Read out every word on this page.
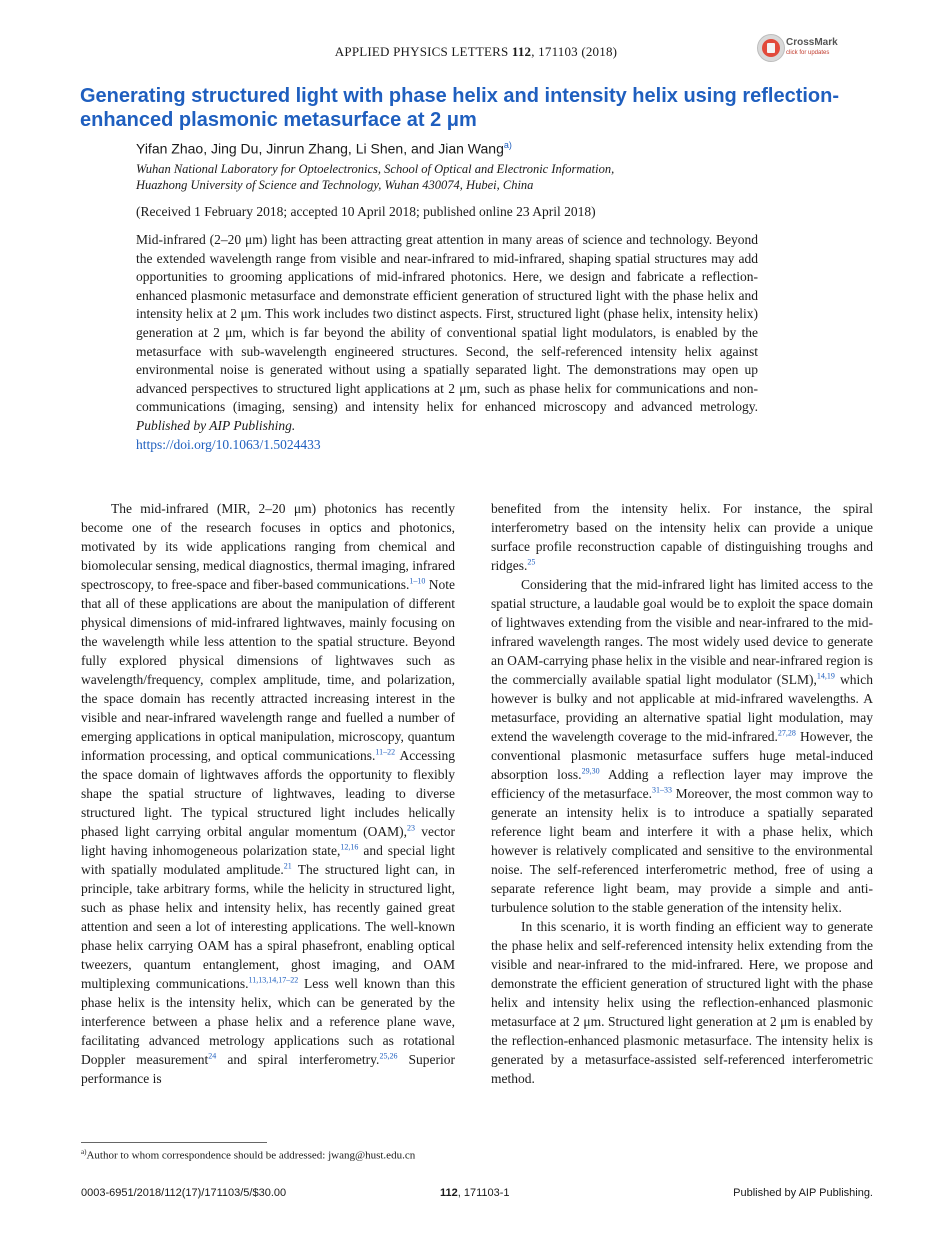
APPLIED PHYSICS LETTERS 112, 171103 (2018)
CrossMark
click for updates
Generating structured light with phase helix and intensity helix using reflection-enhanced plasmonic metasurface at 2 μm
Yifan Zhao, Jing Du, Jinrun Zhang, Li Shen, and Jian Wang$^{a)}$
Wuhan National Laboratory for Optoelectronics, School of Optical and Electronic Information,
Huazhong University of Science and Technology, Wuhan 430074, Hubei, China
(Received 1 February 2018; accepted 10 April 2018; published online 23 April 2018)
Mid-infrared (2–20 μm) light has been attracting great attention in many areas of science and technology. Beyond the extended wavelength range from visible and near-infrared to mid-infrared, shaping spatial structures may add opportunities to grooming applications of mid-infrared photonics. Here, we design and fabricate a reflection-enhanced plasmonic metasurface and demonstrate efficient generation of structured light with the phase helix and intensity helix at 2 μm. This work includes two distinct aspects. First, structured light (phase helix, intensity helix) generation at 2 μm, which is far beyond the ability of conventional spatial light modulators, is enabled by the metasurface with sub-wavelength engineered structures. Second, the self-referenced intensity helix against environmental noise is generated without using a spatially separated light. The demonstrations may open up advanced perspectives to structured light applications at 2 μm, such as phase helix for communications and non-communications (imaging, sensing) and intensity helix for enhanced microscopy and advanced metrology. Published by AIP Publishing.
https://doi.org/10.1063/1.5024433

The mid-infrared (MIR, 2–20 μm) photonics has recently become one of the research focuses in optics and photonics, motivated by its wide applications ranging from chemical and biomolecular sensing, medical diagnostics, thermal imaging, infrared spectroscopy, to free-space and fiber-based communications.$^{1-10}$ Note that all of these applications are about the manipulation of different physical dimensions of mid-infrared lightwaves, mainly focusing on the wavelength while less attention to the spatial structure. Beyond fully explored physical dimensions of lightwaves such as wavelength/frequency, complex amplitude, time, and polarization, the space domain has recently attracted increasing interest in the visible and near-infrared wavelength range and fuelled a number of emerging applications in optical manipulation, microscopy, quantum information processing, and optical communications.$^{11-22}$ Accessing the space domain of lightwaves affords the opportunity to flexibly shape the spatial structure of lightwaves, leading to diverse structured light. The typical structured light includes helically phased light carrying orbital angular momentum (OAM),$^{23}$ vector light having inhomogeneous polarization state,$^{12,16}$ and special light with spatially modulated amplitude.$^{21}$ The structured light can, in principle, take arbitrary forms, while the helicity in structured light, such as phase helix and intensity helix, has recently gained great attention and seen a lot of interesting applications. The well-known phase helix carrying OAM has a spiral phasefront, enabling optical tweezers, quantum entanglement, ghost imaging, and OAM multiplexing communications.$^{11,13,14,17-22}$ Less well known than this phase helix is the intensity helix, which can be generated by the interference between a phase helix and a reference plane wave, facilitating advanced metrology applications such as rotational Doppler measurement$^{24}$ and spiral interferometry.$^{25,26}$ Superior performance is

benefited from the intensity helix. For instance, the spiral interferometry based on the intensity helix can provide a unique surface profile reconstruction capable of distinguishing troughs and ridges.$^{25}$

Considering that the mid-infrared light has limited access to the spatial structure, a laudable goal would be to exploit the space domain of lightwaves extending from the visible and near-infrared to the mid-infrared wavelength ranges. The most widely used device to generate an OAM-carrying phase helix in the visible and near-infrared region is the commercially available spatial light modulator (SLM),$^{14,19}$ which however is bulky and not applicable at mid-infrared wavelengths. A metasurface, providing an alternative spatial light modulation, may extend the wavelength coverage to the mid-infrared.$^{27,28}$ However, the conventional plasmonic metasurface suffers huge metal-induced absorption loss.$^{29,30}$ Adding a reflection layer may improve the efficiency of the metasurface.$^{31-33}$ Moreover, the most common way to generate an intensity helix is to introduce a spatially separated reference light beam and interfere it with a phase helix, which however is relatively complicated and sensitive to the environmental noise. The self-referenced interferometric method, free of using a separate reference light beam, may provide a simple and anti-turbulence solution to the stable generation of the intensity helix.

In this scenario, it is worth finding an efficient way to generate the phase helix and self-referenced intensity helix extending from the visible and near-infrared to the mid-infrared. Here, we propose and demonstrate the efficient generation of structured light with the phase helix and intensity helix using the reflection-enhanced plasmonic metasurface at 2 μm. Structured light generation at 2 μm is enabled by the reflection-enhanced plasmonic metasurface. The intensity helix is generated by a metasurface-assisted self-referenced interferometric method.

$^{a)}$Author to whom correspondence should be addressed: jwang@hust.edu.cn
0003-6951/2018/112(17)/171103/5/$30.00	112, 171103-1	Published by AIP Publishing.
